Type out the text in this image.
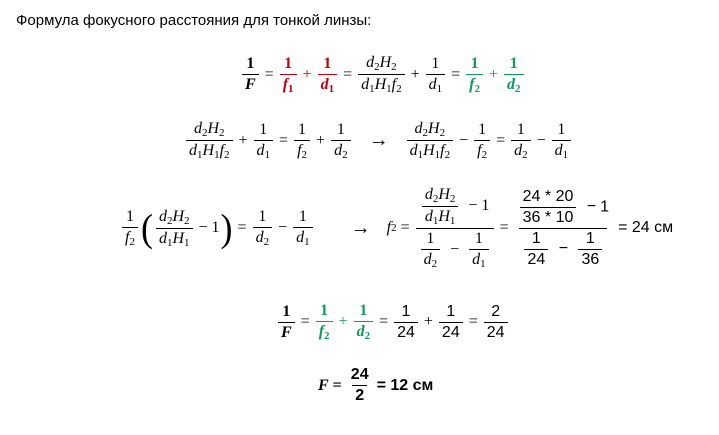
Формула фокусного расстояния для тонкой линзы:
$\frac{1}{F} = \frac{1}{f_1} + \frac{1}{d_1} = \frac{d_2H_2}{d_1H_1f_2} + \frac{1}{d_1} = \frac{1}{f_2} + \frac{1}{d_2}$
$\frac{d_2H_2}{d_1H_1f_2} + \frac{1}{d_1} = \frac{1}{f_2} + \frac{1}{d_2} \to \frac{d_2H_2}{d_1H_1f_2} - \frac{1}{f_2} = \frac{1}{d_2} - \frac{1}{d_1}$
$\frac{1}{f_2}$ ( $\frac{d_2H_2}{d_1H_1} - 1$ ) = $\frac{1}{d_2} - \frac{1}{d_1} \to f$ $2 = \frac{\frac{d_2H_2}{d_1H_1} - 1}{\frac{1}{d_2} - \frac{1}{d_1}} = \frac{\frac{24 * 20}{36 * 10} - 1}{\frac{1}{24} - \frac{1}{36}} = 24$ см
$\frac{1}{F} = \frac{1}{f_2} + \frac{1}{d_2} = \frac{1}{24} + \frac{1}{24} = \frac{2}{24}$
$F = \frac{24}{2} = 12$ см
